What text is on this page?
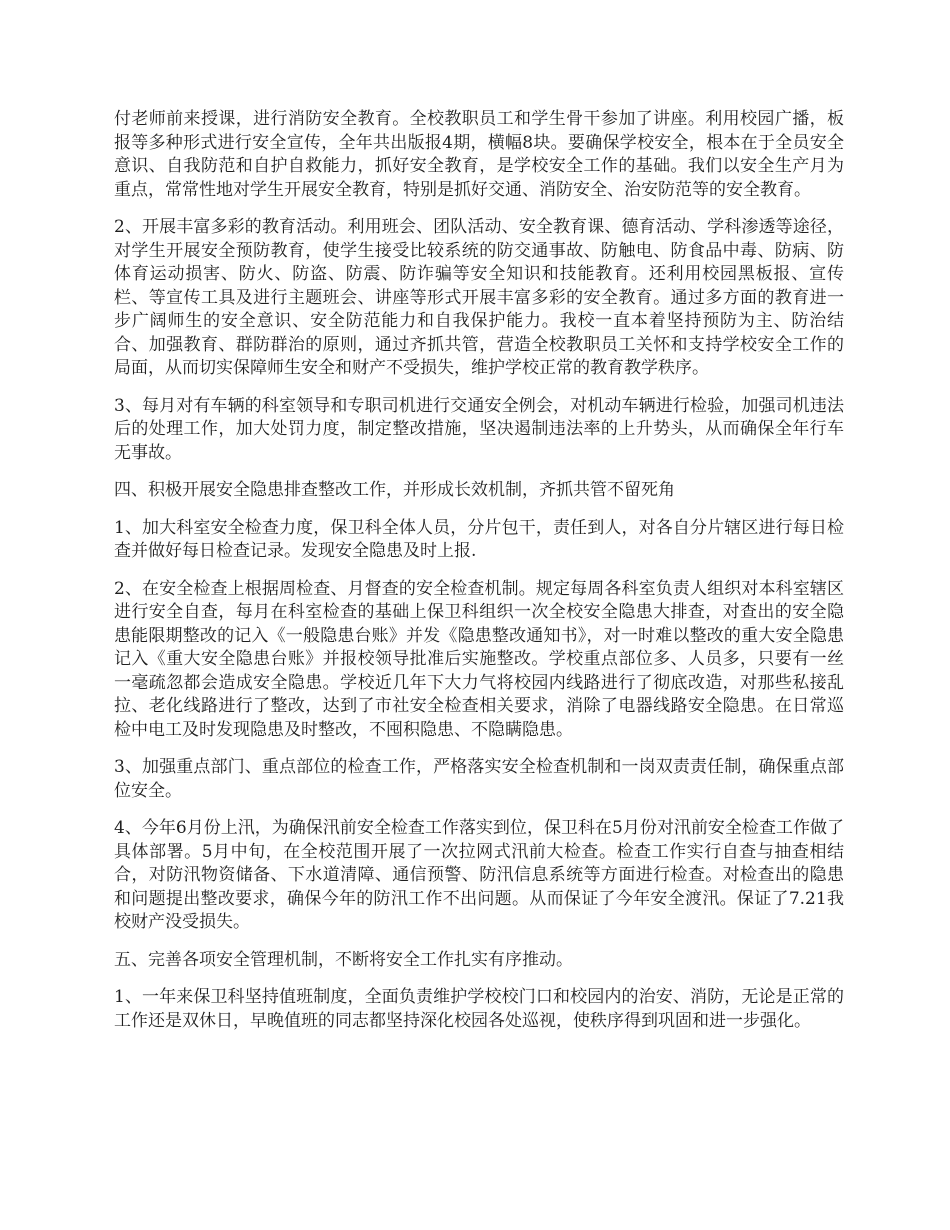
付老师前来授课，进行消防安全教育。全校教职员工和学生骨干参加了讲座。利用校园广播，板报等多种形式进行安全宣传，全年共出版报4期，横幅8块。要确保学校安全，根本在于全员安全意识、自我防范和自护自救能力，抓好安全教育，是学校安全工作的基础。我们以安全生产月为重点，常常性地对学生开展安全教育，特别是抓好交通、消防安全、治安防范等的安全教育。

2、开展丰富多彩的教育活动。利用班会、团队活动、安全教育课、德育活动、学科渗透等途径，对学生开展安全预防教育，使学生接受比较系统的防交通事故、防触电、防食品中毒、防病、防体育运动损害、防火、防盗、防震、防诈骗等安全知识和技能教育。还利用校园黑板报、宣传栏、等宣传工具及进行主题班会、讲座等形式开展丰富多彩的安全教育。通过多方面的教育进一步广阔师生的安全意识、安全防范能力和自我保护能力。我校一直本着坚持预防为主、防治结合、加强教育、群防群治的原则，通过齐抓共管，营造全校教职员工关怀和支持学校安全工作的局面，从而切实保障师生安全和财产不受损失，维护学校正常的教育教学秩序。

3、每月对有车辆的科室领导和专职司机进行交通安全例会，对机动车辆进行检验，加强司机违法后的处理工作，加大处罚力度，制定整改措施，坚决遏制违法率的上升势头，从而确保全年行车无事故。

四、积极开展安全隐患排查整改工作，并形成长效机制，齐抓共管不留死角

1、加大科室安全检查力度，保卫科全体人员，分片包干，责任到人，对各自分片辖区进行每日检查并做好每日检查记录。发现安全隐患及时上报.

2、在安全检查上根据周检查、月督查的安全检查机制。规定每周各科室负责人组织对本科室辖区进行安全自查，每月在科室检查的基础上保卫科组织一次全校安全隐患大排查，对查出的安全隐患能限期整改的记入《一般隐患台账》并发《隐患整改通知书》，对一时难以整改的重大安全隐患记入《重大安全隐患台账》并报校领导批准后实施整改。学校重点部位多、人员多，只要有一丝一毫疏忽都会造成安全隐患。学校近几年下大力气将校园内线路进行了彻底改造，对那些私接乱拉、老化线路进行了整改，达到了市社安全检查相关要求，消除了电器线路安全隐患。在日常巡检中电工及时发现隐患及时整改，不囤积隐患、不隐瞒隐患。

3、加强重点部门、重点部位的检查工作，严格落实安全检查机制和一岗双责责任制，确保重点部位安全。

4、今年6月份上汛，为确保汛前安全检查工作落实到位，保卫科在5月份对汛前安全检查工作做了具体部署。5月中旬，在全校范围开展了一次拉网式汛前大检查。检查工作实行自查与抽查相结合，对防汛物资储备、下水道清障、通信预警、防汛信息系统等方面进行检查。对检查出的隐患和问题提出整改要求，确保今年的防汛工作不出问题。从而保证了今年安全渡汛。保证了7.21我校财产没受损失。

五、完善各项安全管理机制，不断将安全工作扎实有序推动。

1、一年来保卫科坚持值班制度，全面负责维护学校校门口和校园内的治安、消防，无论是正常的工作还是双休日，早晚值班的同志都坚持深化校园各处巡视，使秩序得到巩固和进一步强化。
